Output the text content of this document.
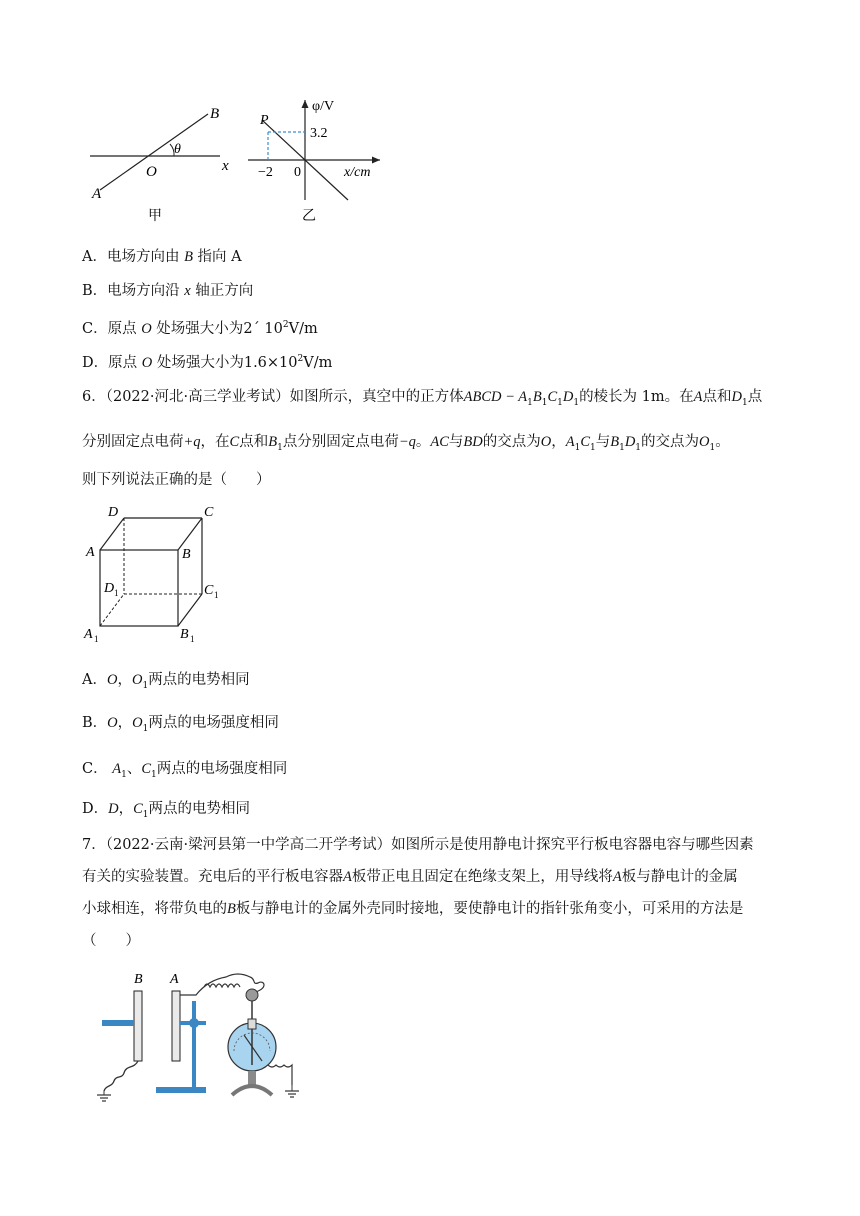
B
A
O
θ
x
甲
φ/V
P
3.2
−2 0	x/cm
乙
A．电场方向由 B 指向 A
B．电场方向沿 x 轴正方向
C．原点 O 处场强大小为2´ $10^2V/m$
D．原点 O 处场强大小为$1.6\times 10^2V/m$
6．（2022·河北·高三学业考试）如图所示，真空中的正方体ABCD − $A_1B_1C_1D_1$的棱长为 1m。在A点和$D_1$点
分别固定点电荷+q，在C点和$B_1$点分别固定点电荷−q。AC与BD的交点为O，$A_1C_1$与$B_1D_1$的交点为$O_1$。
则下列说法正确的是（　　）
D	C
A	B
D 1	C 1
A 1	B 1
A．O，$O_1$两点的电势相同
B．O，$O_1$两点的电场强度相同
C． $A_1$、$C_1$两点的电场强度相同
D．D，$C_1$两点的电势相同
7．（2022·云南·梁河县第一中学高二开学考试）如图所示是使用静电计探究平行板电容器电容与哪些因素
有关的实验装置。充电后的平行板电容器A板带正电且固定在绝缘支架上，用导线将A板与静电计的金属
小球相连，将带负电的B板与静电计的金属外壳同时接地，要使静电计的指针张角变小，可采用的方法是
（　　）
B A
